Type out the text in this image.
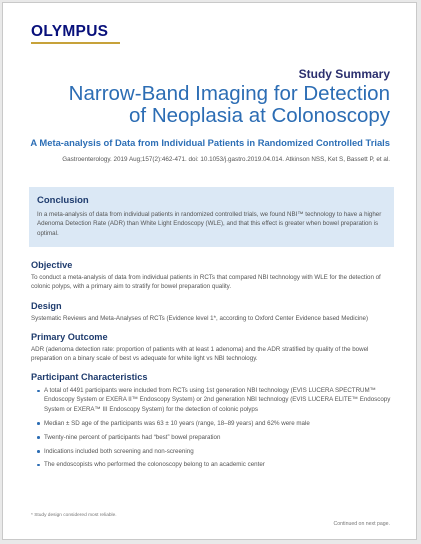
OLYMPUS
Study Summary
Narrow-Band Imaging for Detection
of Neoplasia at Colonoscopy
A Meta-analysis of Data from Individual Patients in Randomized Controlled Trials
Gastroenterology. 2019 Aug;157(2):462-471. doi: 10.1053/j.gastro.2019.04.014. Atkinson NSS, Ket S, Bassett P, et al.
Conclusion

In a meta-analysis of data from individual patients in randomized controlled trials, we found NBI™ technology to have a higher Adenoma Detection Rate (ADR) than White Light Endoscopy (WLE), and that this effect is greater when bowel preparation is optimal.

Objective

To conduct a meta-analysis of data from individual patients in RCTs that compared NBI technology with WLE for the detection of colonic polyps, with a primary aim to stratify for bowel preparation quality.

Design

Systematic Reviews and Meta-Analyses of RCTs (Evidence level 1*, according to Oxford Center Evidence based Medicine)

Primary Outcome

ADR (adenoma detection rate: proportion of patients with at least 1 adenoma) and the ADR stratified by quality of the bowel preparation on a binary scale of best vs adequate for white light vs NBI technology.

Participant Characteristics
A total of 4491 participants were included from RCTs using 1st generation NBI technology (EVIS LUCERA SPECTRUM™ Endoscopy System or EXERA II™ Endoscopy System) or 2nd generation NBI technology (EVIS LUCERA ELITE™ Endoscopy System or EXERA™ III Endoscopy System) for the detection of colonic polyps
Median ± SD age of the participants was 63 ± 10 years (range, 18–89 years) and 62% were male
Twenty-nine percent of participants had “best” bowel preparation
Indications included both screening and non-screening
The endoscopists who performed the colonoscopy belong to an academic center
* Study design considered most reliable.
Continued on next page.
